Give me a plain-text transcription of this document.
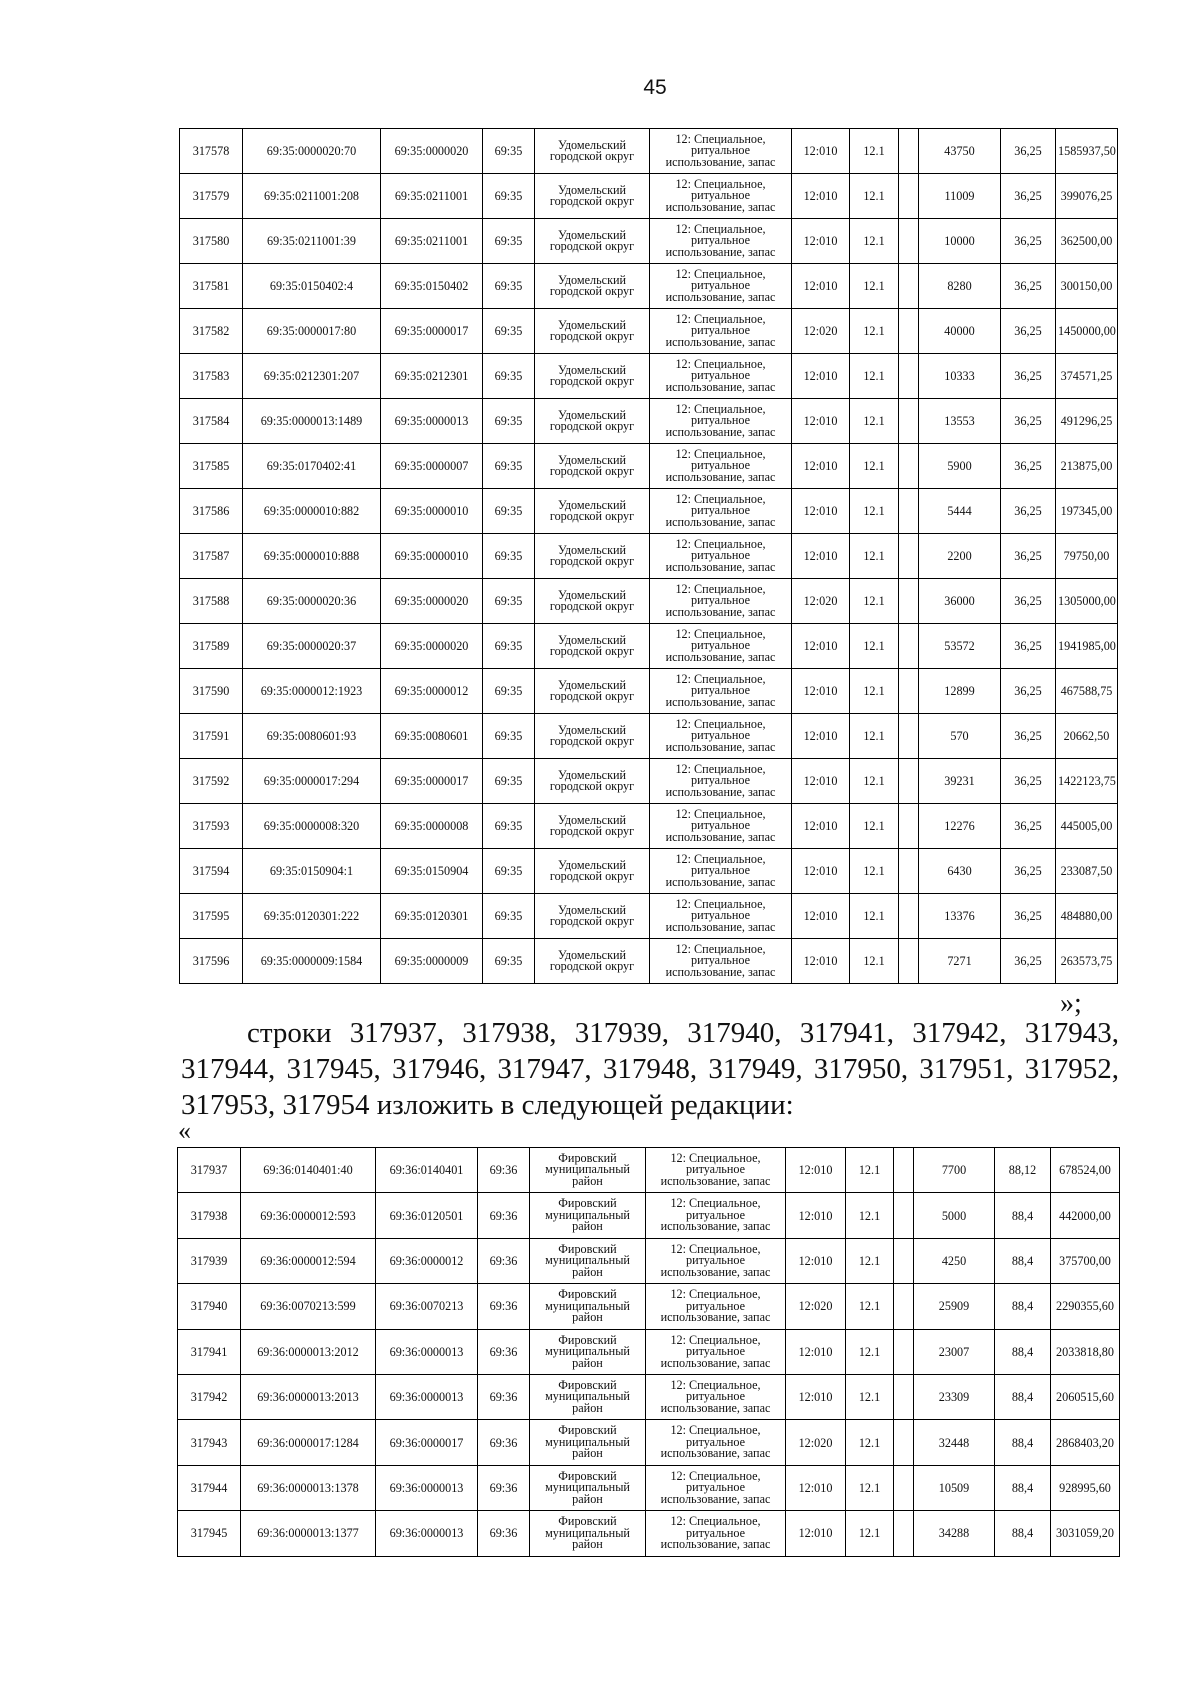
45
317578	69:35:0000020:70	69:35:0000020	69:35	Удомельский городской округ	12: Специальное, ритуальное использование, запас	12:010	12.1		43750	36,25	1585937,50
317579	69:35:0211001:208	69:35:0211001	69:35	Удомельский городской округ	12: Специальное, ритуальное использование, запас	12:010	12.1		11009	36,25	399076,25
317580	69:35:0211001:39	69:35:0211001	69:35	Удомельский городской округ	12: Специальное, ритуальное использование, запас	12:010	12.1		10000	36,25	362500,00
317581	69:35:0150402:4	69:35:0150402	69:35	Удомельский городской округ	12: Специальное, ритуальное использование, запас	12:010	12.1		8280	36,25	300150,00
317582	69:35:0000017:80	69:35:0000017	69:35	Удомельский городской округ	12: Специальное, ритуальное использование, запас	12:020	12.1		40000	36,25	1450000,00
317583	69:35:0212301:207	69:35:0212301	69:35	Удомельский городской округ	12: Специальное, ритуальное использование, запас	12:010	12.1		10333	36,25	374571,25
317584	69:35:0000013:1489	69:35:0000013	69:35	Удомельский городской округ	12: Специальное, ритуальное использование, запас	12:010	12.1		13553	36,25	491296,25
317585	69:35:0170402:41	69:35:0000007	69:35	Удомельский городской округ	12: Специальное, ритуальное использование, запас	12:010	12.1		5900	36,25	213875,00
317586	69:35:0000010:882	69:35:0000010	69:35	Удомельский городской округ	12: Специальное, ритуальное использование, запас	12:010	12.1		5444	36,25	197345,00
317587	69:35:0000010:888	69:35:0000010	69:35	Удомельский городской округ	12: Специальное, ритуальное использование, запас	12:010	12.1		2200	36,25	79750,00
317588	69:35:0000020:36	69:35:0000020	69:35	Удомельский городской округ	12: Специальное, ритуальное использование, запас	12:020	12.1		36000	36,25	1305000,00
317589	69:35:0000020:37	69:35:0000020	69:35	Удомельский городской округ	12: Специальное, ритуальное использование, запас	12:010	12.1		53572	36,25	1941985,00
317590	69:35:0000012:1923	69:35:0000012	69:35	Удомельский городской округ	12: Специальное, ритуальное использование, запас	12:010	12.1		12899	36,25	467588,75
317591	69:35:0080601:93	69:35:0080601	69:35	Удомельский городской округ	12: Специальное, ритуальное использование, запас	12:010	12.1		570	36,25	20662,50
317592	69:35:0000017:294	69:35:0000017	69:35	Удомельский городской округ	12: Специальное, ритуальное использование, запас	12:010	12.1		39231	36,25	1422123,75
317593	69:35:0000008:320	69:35:0000008	69:35	Удомельский городской округ	12: Специальное, ритуальное использование, запас	12:010	12.1		12276	36,25	445005,00
317594	69:35:0150904:1	69:35:0150904	69:35	Удомельский городской округ	12: Специальное, ритуальное использование, запас	12:010	12.1		6430	36,25	233087,50
317595	69:35:0120301:222	69:35:0120301	69:35	Удомельский городской округ	12: Специальное, ритуальное использование, запас	12:010	12.1		13376	36,25	484880,00
317596	69:35:0000009:1584	69:35:0000009	69:35	Удомельский городской округ	12: Специальное, ритуальное использование, запас	12:010	12.1		7271	36,25	263573,75
»;
строки 317937, 317938, 317939, 317940, 317941, 317942, 317943, 317944, 317945, 317946, 317947, 317948, 317949, 317950, 317951, 317952, 317953, 317954 изложить в следующей редакции:
«
317937	69:36:0140401:40	69:36:0140401	69:36	Фировский муниципальный район	12: Специальное, ритуальное использование, запас	12:010	12.1		7700	88,12	678524,00
317938	69:36:0000012:593	69:36:0120501	69:36	Фировский муниципальный район	12: Специальное, ритуальное использование, запас	12:010	12.1		5000	88,4	442000,00
317939	69:36:0000012:594	69:36:0000012	69:36	Фировский муниципальный район	12: Специальное, ритуальное использование, запас	12:010	12.1		4250	88,4	375700,00
317940	69:36:0070213:599	69:36:0070213	69:36	Фировский муниципальный район	12: Специальное, ритуальное использование, запас	12:020	12.1		25909	88,4	2290355,60
317941	69:36:0000013:2012	69:36:0000013	69:36	Фировский муниципальный район	12: Специальное, ритуальное использование, запас	12:010	12.1		23007	88,4	2033818,80
317942	69:36:0000013:2013	69:36:0000013	69:36	Фировский муниципальный район	12: Специальное, ритуальное использование, запас	12:010	12.1		23309	88,4	2060515,60
317943	69:36:0000017:1284	69:36:0000017	69:36	Фировский муниципальный район	12: Специальное, ритуальное использование, запас	12:020	12.1		32448	88,4	2868403,20
317944	69:36:0000013:1378	69:36:0000013	69:36	Фировский муниципальный район	12: Специальное, ритуальное использование, запас	12:010	12.1		10509	88,4	928995,60
317945	69:36:0000013:1377	69:36:0000013	69:36	Фировский муниципальный район	12: Специальное, ритуальное использование, запас	12:010	12.1		34288	88,4	3031059,20
